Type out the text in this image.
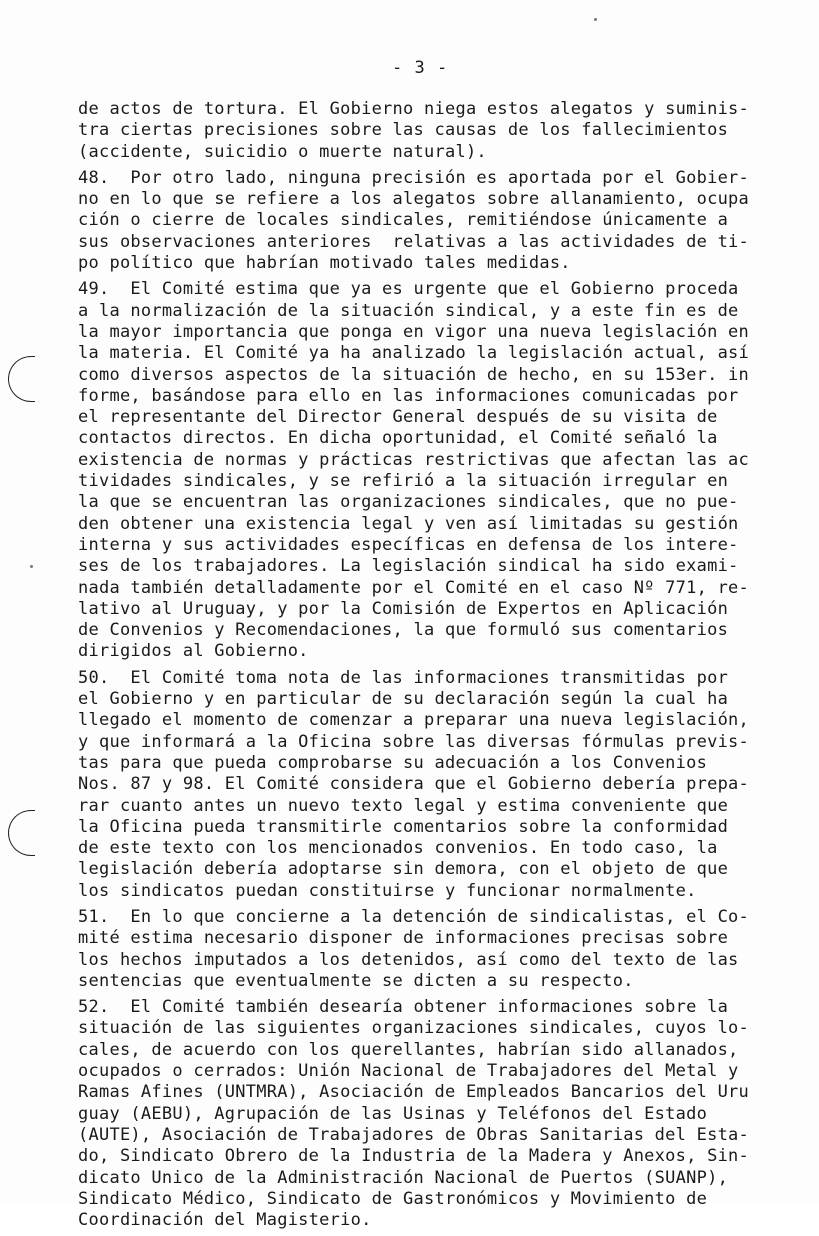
- 3 -
de actos de tortura. El Gobierno niega estos alegatos y suminis-
tra ciertas precisiones sobre las causas de los fallecimientos
(accidente, suicidio o muerte natural).
48.  Por otro lado, ninguna precisión es aportada por el Gobier-
no en lo que se refiere a los alegatos sobre allanamiento, ocupa
ción o cierre de locales sindicales, remitiéndose únicamente a
sus observaciones anteriores  relativas a las actividades de ti-
po político que habrían motivado tales medidas.
49.  El Comité estima que ya es urgente que el Gobierno proceda
a la normalización de la situación sindical, y a este fin es de
la mayor importancia que ponga en vigor una nueva legislación en
la materia. El Comité ya ha analizado la legislación actual, así
como diversos aspectos de la situación de hecho, en su 153er. in
forme, basándose para ello en las informaciones comunicadas por
el representante del Director General después de su visita de
contactos directos. En dicha oportunidad, el Comité señaló la
existencia de normas y prácticas restrictivas que afectan las ac
tividades sindicales, y se refirió a la situación irregular en
la que se encuentran las organizaciones sindicales, que no pue-
den obtener una existencia legal y ven así limitadas su gestión
interna y sus actividades específicas en defensa de los intere-
ses de los trabajadores. La legislación sindical ha sido exami-
nada también detalladamente por el Comité en el caso Nº 771, re-
lativo al Uruguay, y por la Comisión de Expertos en Aplicación
de Convenios y Recomendaciones, la que formuló sus comentarios
dirigidos al Gobierno.
50.  El Comité toma nota de las informaciones transmitidas por
el Gobierno y en particular de su declaración según la cual ha
llegado el momento de comenzar a preparar una nueva legislación,
y que informará a la Oficina sobre las diversas fórmulas previs-
tas para que pueda comprobarse su adecuación a los Convenios
Nos. 87 y 98. El Comité considera que el Gobierno debería prepa-
rar cuanto antes un nuevo texto legal y estima conveniente que
la Oficina pueda transmitirle comentarios sobre la conformidad
de este texto con los mencionados convenios. En todo caso, la
legislación debería adoptarse sin demora, con el objeto de que
los sindicatos puedan constituirse y funcionar normalmente.
51.  En lo que concierne a la detención de sindicalistas, el Co-
mité estima necesario disponer de informaciones precisas sobre
los hechos imputados a los detenidos, así como del texto de las
sentencias que eventualmente se dicten a su respecto.
52.  El Comité también desearía obtener informaciones sobre la
situación de las siguientes organizaciones sindicales, cuyos lo-
cales, de acuerdo con los querellantes, habrían sido allanados,
ocupados o cerrados: Unión Nacional de Trabajadores del Metal y
Ramas Afines (UNTMRA), Asociación de Empleados Bancarios del Uru
guay (AEBU), Agrupación de las Usinas y Teléfonos del Estado
(AUTE), Asociación de Trabajadores de Obras Sanitarias del Esta-
do, Sindicato Obrero de la Industria de la Madera y Anexos, Sin-
dicato Unico de la Administración Nacional de Puertos (SUANP),
Sindicato Médico, Sindicato de Gastronómicos y Movimiento de
Coordinación del Magisterio.
